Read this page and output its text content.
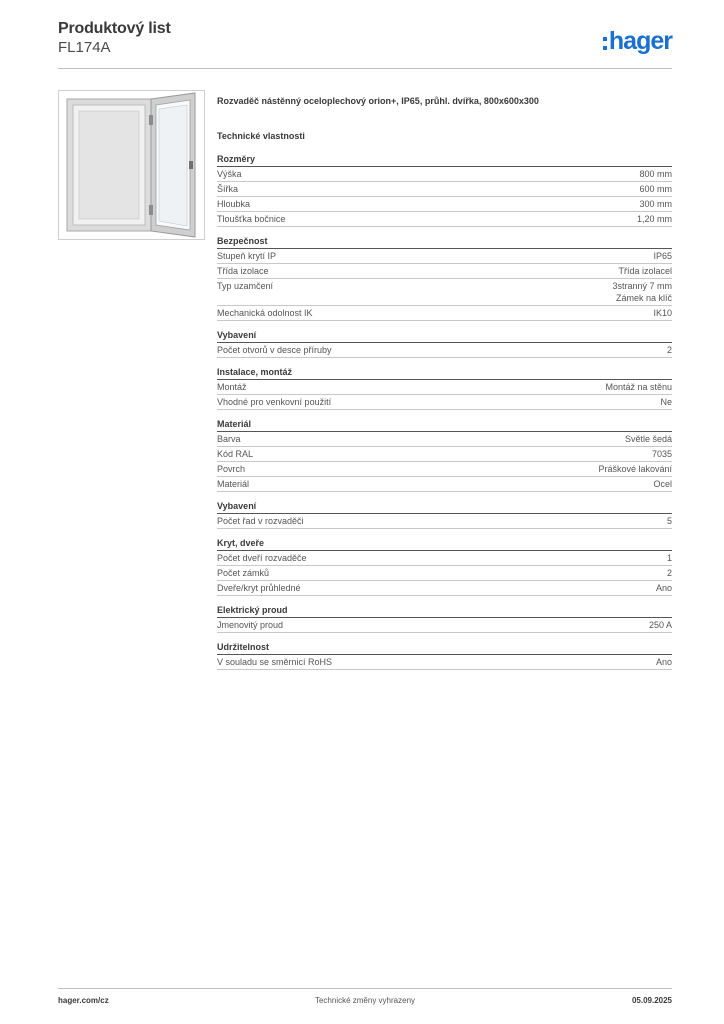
Produktový list
FL174A	hager
Rozvaděč nástěnný oceloplechový orion+, IP65, průhl. dvířka, 800x600x300
Technické vlastnosti
Rozměry
Výška	800 mm
Šířka	600 mm
Hloubka	300 mm
Tloušťka bočnice	1,20 mm
Bezpečnost
Stupeň krytí IP	IP65
Třída izolace	Třída izolacel
Typ uzamčení	3stranný 7 mm
Zámek na klíč
Mechanická odolnost IK	IK10
Vybavení
Počet otvorů v desce příruby	2
Instalace, montáž
Montáž	Montáž na stěnu
Vhodné pro venkovní použití	Ne
Materiál
Barva	Světle šedá
Kód RAL	7035
Povrch	Práškové lakování
Materiál	Ocel
Vybavení
Počet řad v rozvaděči	5
Kryt, dveře
Počet dveří rozvaděče	1
Počet zámků	2
Dveře/kryt průhledné	Ano
Elektrický proud
Jmenovitý proud	250 A
Udržitelnost
V souladu se směrnicí RoHS	Ano
hager.com/cz	Technické změny vyhrazeny	05.09.2025
